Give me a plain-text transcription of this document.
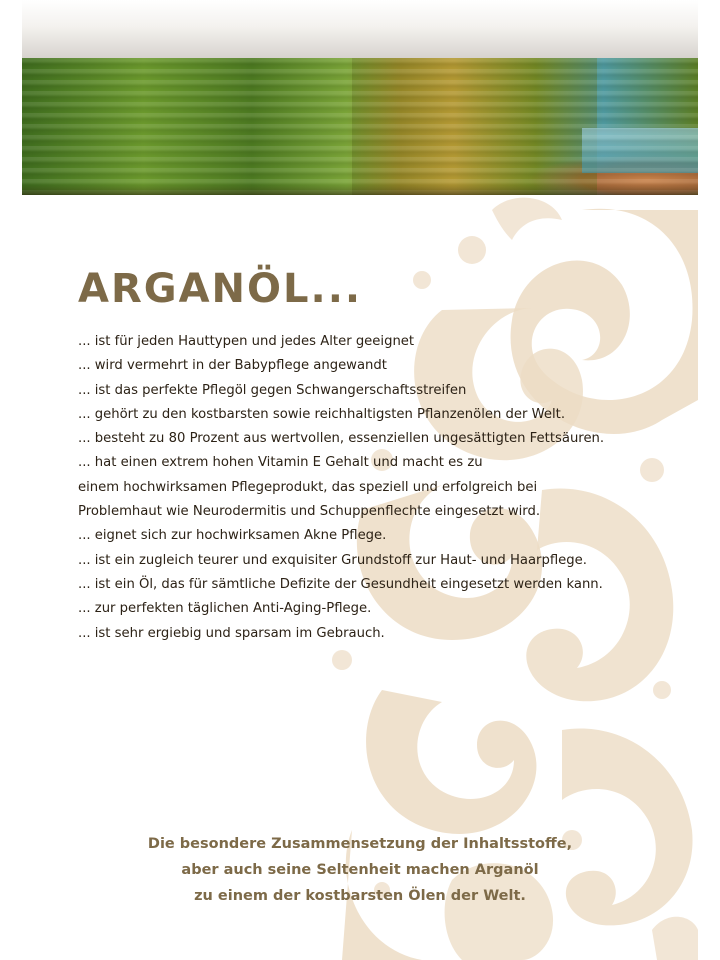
ARGANÖL...
... ist für jeden Hauttypen und jedes Alter geeignet
... wird vermehrt in der Babypflege angewandt
... ist das perfekte Pflegöl gegen Schwangerschaftsstreifen
... gehört zu den kostbarsten sowie reichhaltigsten Pflanzenölen der Welt.
... besteht zu 80 Prozent aus wertvollen, essenziellen ungesättigten Fettsäuren.
... hat einen extrem hohen Vitamin E Gehalt und macht es zu
einem hochwirksamen Pflegeprodukt, das speziell und erfolgreich bei
Problemhaut wie Neurodermitis und Schuppenflechte eingesetzt wird.
... eignet sich zur hochwirksamen Akne Pflege.
... ist ein zugleich teurer und exquisiter Grundstoff zur Haut- und Haarpflege.
... ist ein Öl, das für sämtliche Defizite der Gesundheit eingesetzt werden kann.
... zur perfekten täglichen Anti-Aging-Pflege.
... ist sehr ergiebig und sparsam im Gebrauch.

Die besondere Zusammensetzung der Inhaltsstoffe,
aber auch seine Seltenheit machen Arganöl
zu einem der kostbarsten Ölen der Welt.
